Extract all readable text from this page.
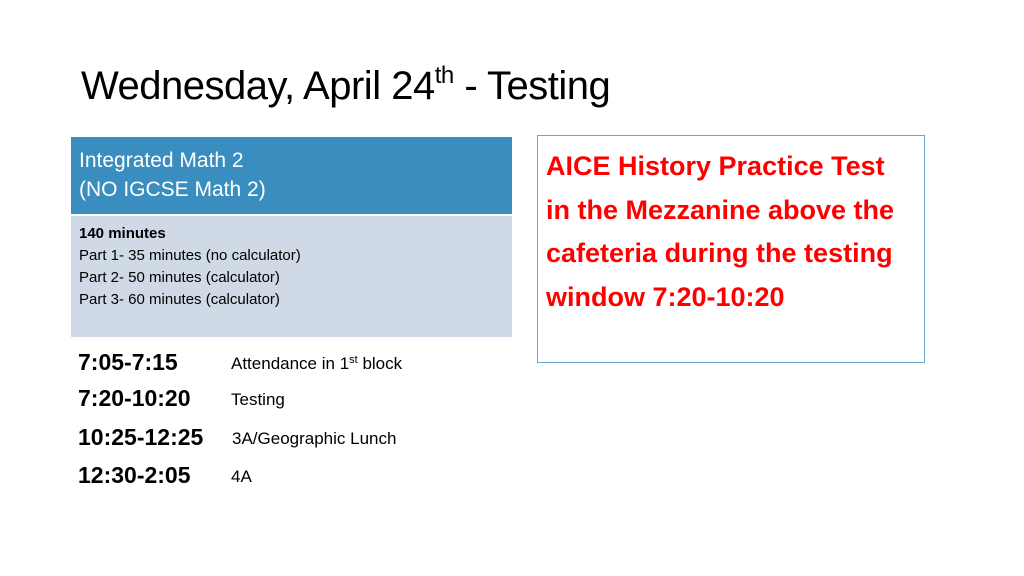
Wednesday, April 24th - Testing
Integrated Math 2
(NO IGCSE Math 2)
140 minutes
Part 1- 35 minutes (no calculator)
Part 2- 50 minutes (calculator)
Part 3- 60 minutes (calculator)
7:05-7:15	Attendance in 1st block
7:20-10:20 Testing
10:25-12:25 3A/Geographic Lunch
12:30-2:05 4A
AICE History Practice Test in the Mezzanine above the cafeteria during the testing window 7:20-10:20
